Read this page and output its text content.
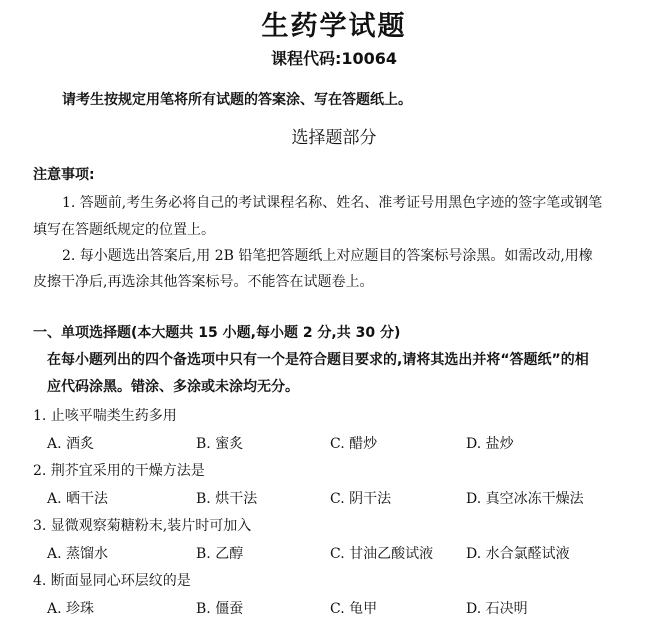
生药学试题
课程代码:10064
请考生按规定用笔将所有试题的答案涂、写在答题纸上。
选择题部分
注意事项:
1. 答题前,考生务必将自己的考试课程名称、姓名、准考证号用黑色字迹的签字笔或钢笔
填写在答题纸规定的位置上。
2. 每小题选出答案后,用 2B 铅笔把答题纸上对应题目的答案标号涂黑。如需改动,用橡
皮擦干净后,再选涂其他答案标号。不能答在试题卷上。
一、单项选择题(本大题共 15 小题,每小题 2 分,共 30 分)
在每小题列出的四个备选项中只有一个是符合题目要求的,请将其选出并将“答题纸”的相
应代码涂黑。错涂、多涂或未涂均无分。
1. 止咳平喘类生药多用
A. 酒炙	B. 蜜炙	C. 醋炒	D. 盐炒
2. 荆芥宜采用的干燥方法是
A. 晒干法	B. 烘干法	C. 阴干法	D. 真空冰冻干燥法
3. 显微观察菊糖粉末,装片时可加入
A. 蒸馏水	B. 乙醇	C. 甘油乙酸试液 D. 水合氯醛试液
4. 断面显同心环层纹的是
A. 珍珠	B. 僵蚕	C. 龟甲	D. 石决明
